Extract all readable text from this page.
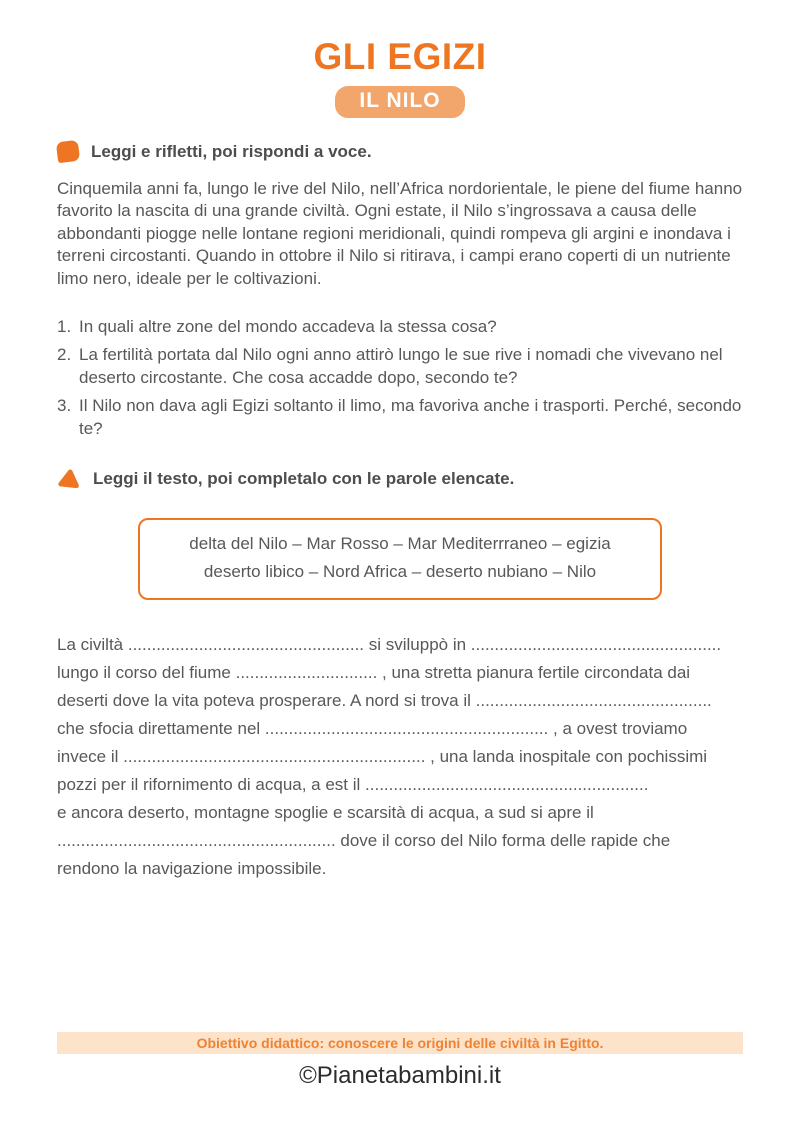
GLI EGIZI
IL NILO
Leggi e rifletti, poi rispondi a voce.

Cinquemila anni fa, lungo le rive del Nilo, nell’Africa nordorientale, le piene del fiume hanno favorito la nascita di una grande civiltà. Ogni estate, il Nilo s’ingrossava a causa delle abbondanti piogge nelle lontane regioni meridionali, quindi rompeva gli argini e inondava i terreni circostanti. Quando in ottobre il Nilo si ritirava, i campi erano coperti di un nutriente limo nero, ideale per le coltivazioni.

1. In quali altre zone del mondo accadeva la stessa cosa?
2. La fertilità portata dal Nilo ogni anno attirò lungo le sue rive i nomadi che vivevano nel deserto circostante. Che cosa accadde dopo, secondo te?
3. Il Nilo non dava agli Egizi soltanto il limo, ma favoriva anche i trasporti. Perché, secondo te?
Leggi il testo, poi completalo con le parole elencate.
delta del Nilo – Mar Rosso – Mar Mediterrraneo – egizia
deserto libico – Nord Africa – deserto nubiano – Nilo
La civiltà .................................................. si sviluppò in .....................................................
lungo il corso del fiume .............................. , una stretta pianura fertile circondata dai
deserti dove la vita poteva prosperare. A nord si trova il ..................................................
che sfocia direttamente nel ............................................................ , a ovest troviamo
invece il ................................................................ , una landa inospitale con pochissimi
pozzi per il rifornimento di acqua, a est il ............................................................
e ancora deserto, montagne spoglie e scarsità di acqua, a sud si apre il
........................................................... dove il corso del Nilo forma delle rapide che
rendono la navigazione impossibile.
Obiettivo didattico: conoscere le origini delle civiltà in Egitto.
©Pianetabambini.it
